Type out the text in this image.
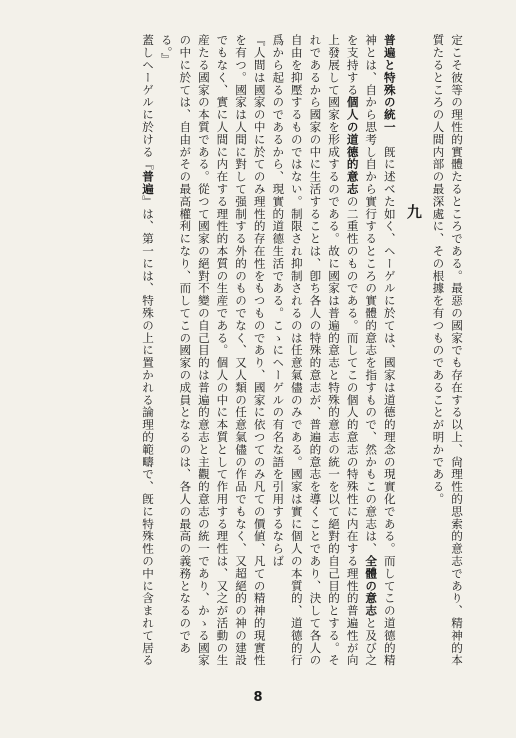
定こそ彼等の理性的實體たるところである。最惡の國家でも存在する以上、尙理性的思索的意志であり、精神的本質たるところの人間内部の最深處に、その根據を有つものであることが明かである。

九

普遍と特殊の統一　旣に述べた如く、ヘーゲルに於ては、國家は道德的理念の現實化である。而してこの道德的精神とは、自から思考し自から實行するところの實體的意志を指すもので、然かもこの意志は、全體の意志と及び之を支持する個人の道德的意志の二重性のものである。而してこの個人的意志の特殊性に内在する理性的普遍性が向上發展して國家を形成するのである。故に國家は普遍的意志と特殊的意志の統一を以て絕對的自己目的とする。それであるから國家の中に生活することは、卽ち各人の特殊的意志が、普遍的意志を導くことであり、決して各人の自由を抑壓するものではない。制限され抑制されるのは任意氣儘のみである。國家は實に個人の本質的、道德的行爲から起るのであるから、現實的道德生活である。こゝにヘーゲルの有名な語を引用するならば

『人間は國家の中に於てのみ理性的存在性をもつものであり、國家に依つてのみ凡ての價値、凡ての精神的現實性を有つ。國家は人間に對して强制する外的のものでなく、又人類の任意氣儘の作品でもなく、又超絕的の神の建設でもなく、實に人間に内在する理性的本質の生産である。個人の中に本質として作用する理性は、又之が活動の生産たる國家の本質である。從つて國家の絕對不變の自己目的は普遍的意志と主觀的意志の統一であり、かゝる國家の中に於ては、自由がその最高權利になり、而してこの國家の成員となるのは、各人の最高の義務となるのである。』

蓋しヘーゲルに於ける『普遍』は、第一には、特殊の上に置かれる論理的範疇で、旣に特殊性の中に含まれて居る

8
